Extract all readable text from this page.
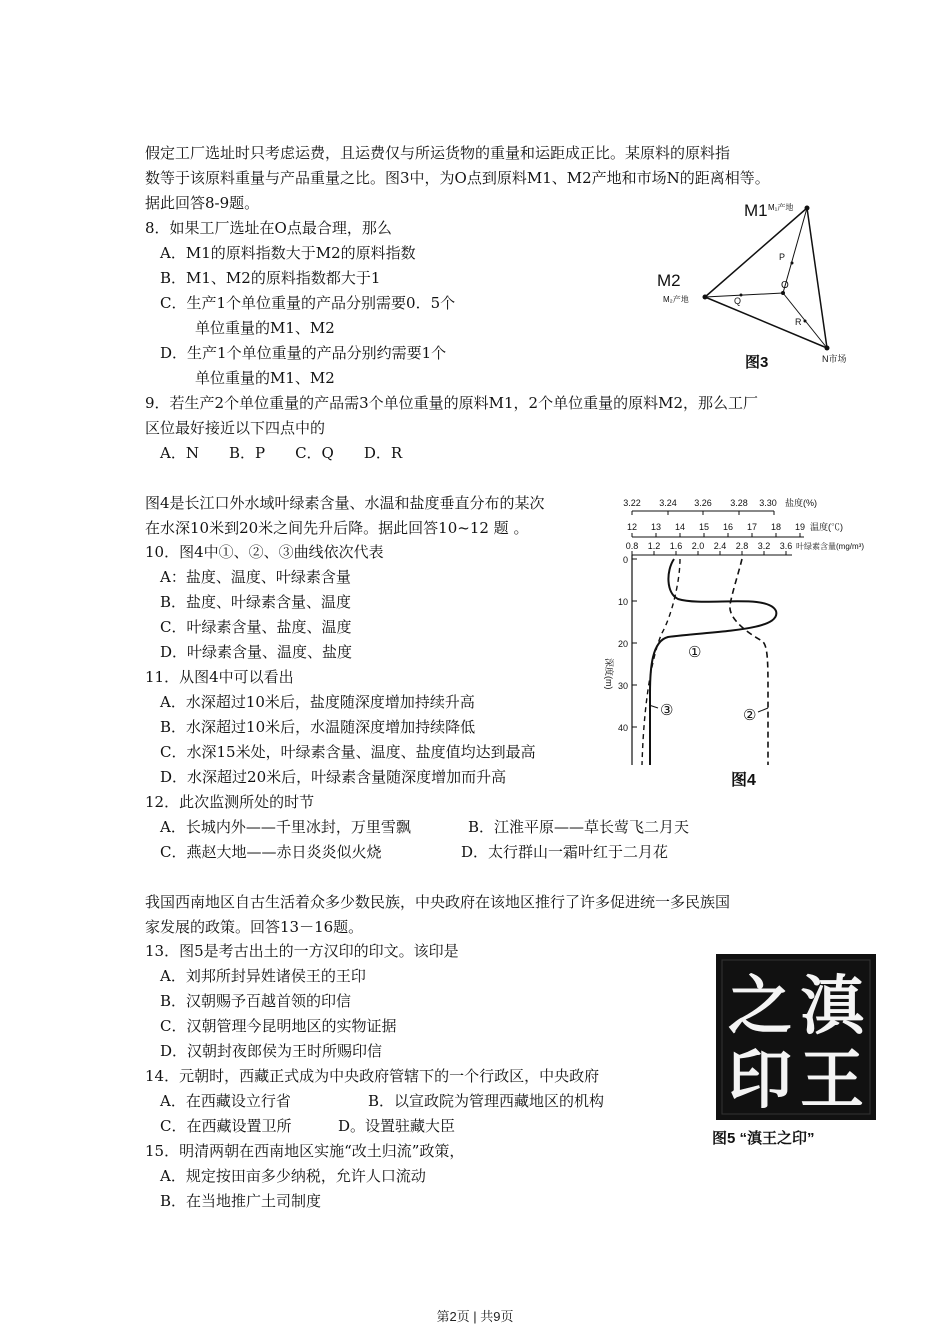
假定工厂选址时只考虑运费，且运费仅与所运货物的重量和运距成正比。某原料的原料指
数等于该原料重量与产品重量之比。图3中，为O点到原料M1、M2产地和市场N的距离相等。
据此回答8-9题。
8．如果工厂选址在O点最合理，那么
A．M1的原料指数大于M2的原料指数
B．M1、M2的原料指数都大于1
C．生产1个单位重量的产品分别需要0．5个
单位重量的M1、M2
D．生产1个单位重量的产品分别约需要1个
单位重量的M1、M2
9．若生产2个单位重量的产品需3个单位重量的原料M1，2个单位重量的原料M2，那么工厂
区位最好接近以下四点中的
A．N　　B．P　　C．Q　　D．R
M1 M₁产地
M2
M₂产地
N市场
P
O
Q
R
图3
图4是长江口外水域叶绿素含量、水温和盐度垂直分布的某次
在水深10米到20米之间先升后降。据此回答10~12 题 。
10．图4中①、②、③曲线依次代表
A：盐度、温度、叶绿素含量
B．盐度、叶绿素含量、温度
C．叶绿素含量、盐度、温度
D．叶绿素含量、温度、盐度
11．从图4中可以看出
A．水深超过10米后，盐度随深度增加持续升高
B．水深超过10米后，水温随深度增加持续降低
C．水深15米处，叶绿素含量、温度、盐度值均达到最高
D．水深超过20米后，叶绿素含量随深度增加而升高
12．此次监测所处的时节
A．长城内外——千里冰封，万里雪飘	B．江淮平原——草长莺飞二月天
C．燕赵大地——赤日炎炎似火烧	D．太行群山一霜叶红于二月花
3.22 3.24 3.26 3.28 3.30 盐度(%)
12 13 14 15 16 17 18 19 温度(℃)
0.8 1.2 1.6 2.0 2.4 2.8 3.2 3.6 叶绿素含量(mg/m³)
0
10
20
30
40
深度(m)
①
②
③
图4
我国西南地区自古生活着众多少数民族，中央政府在该地区推行了许多促进统一多民族国
家发展的政策。回答13－16题。
13．图5是考古出土的一方汉印的印文。该印是
A．刘邦所封异姓诸侯王的王印
B．汉朝赐予百越首领的印信
C．汉朝管理今昆明地区的实物证据
D．汉朝封夜郎侯为王时所赐印信
14．元朝时，西藏正式成为中央政府管辖下的一个行政区，中央政府
A．在西藏设立行省	B．以宣政院为管理西藏地区的机构
C．在西藏设置卫所	D。设置驻藏大臣
15．明清两朝在西南地区实施“改土归流”政策，
A．规定按田亩多少纳税，允许人口流动
B．在当地推广土司制度
滇
王
之
印
图5 “滇王之印”
第2页 | 共9页
